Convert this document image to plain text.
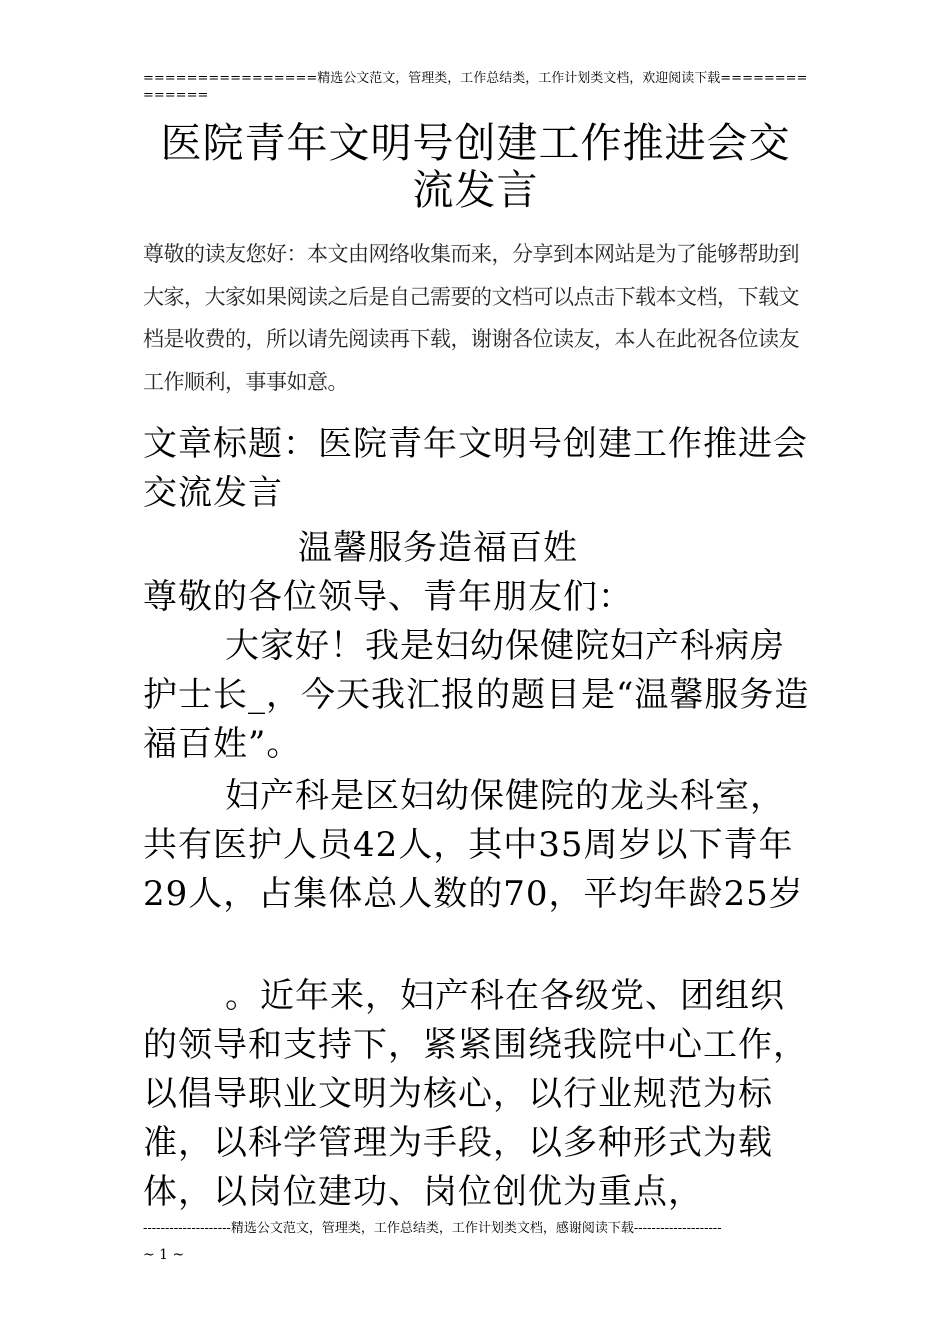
================精选公文范文，管理类，工作总结类，工作计划类文档，欢迎阅读下载==============
医院青年文明号创建工作推进会交流发言
尊敬的读友您好：本文由网络收集而来，分享到本网站是为了能够帮助到大家，大家如果阅读之后是自己需要的文档可以点击下载本文档，下载文档是收费的，所以请先阅读再下载，谢谢各位读友，本人在此祝各位读友工作顺利，事事如意。
文章标题：医院青年文明号创建工作推进会交流发言
温馨服务造福百姓
尊敬的各位领导、青年朋友们：
大家好！我是妇幼保健院妇产科病房护士长_，今天我汇报的题目是“温馨服务造福百姓”。
妇产科是区妇幼保健院的龙头科室，共有医护人员42人，其中35周岁以下青年29人，占集体总人数的70，平均年龄25岁
。近年来，妇产科在各级党、团组织的领导和支持下，紧紧围绕我院中心工作，以倡导职业文明为核心，以行业规范为标准，以科学管理为手段，以多种形式为载体，以岗位建功、岗位创优为重点，
--------------------精选公文范文，管理类，工作总结类，工作计划类文档，感谢阅读下载--------------------
~ 1 ~
